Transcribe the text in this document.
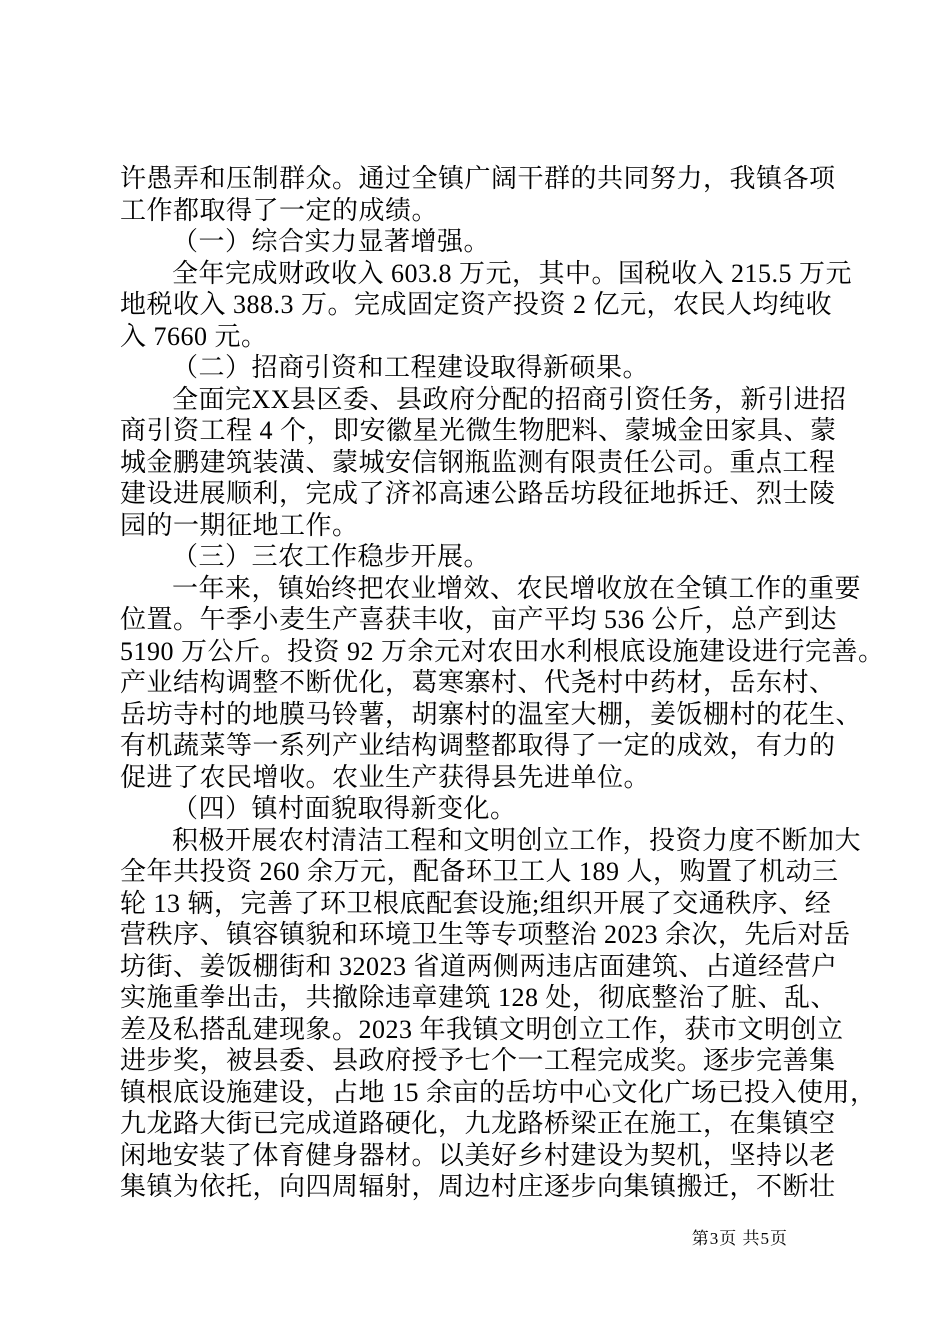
许愚弄和压制群众。通过全镇广阔干群的共同努力，我镇各项
工作都取得了一定的成绩。
（一）综合实力显著增强。
全年完成财政收入 603.8 万元，其中。国税收入 215.5 万元
地税收入 388.3 万。完成固定资产投资 2 亿元，农民人均纯收
入 7660 元。
（二）招商引资和工程建设取得新硕果。
全面完XX县区委、县政府分配的招商引资任务，新引进招
商引资工程 4 个，即安徽星光微生物肥料、蒙城金田家具、蒙
城金鹏建筑装潢、蒙城安信钢瓶监测有限责任公司。重点工程
建设进展顺利，完成了济祁高速公路岳坊段征地拆迁、烈士陵
园的一期征地工作。
（三）三农工作稳步开展。
一年来，镇始终把农业增效、农民增收放在全镇工作的重要
位置。午季小麦生产喜获丰收，亩产平均 536 公斤，总产到达
5190 万公斤。投资 92 万余元对农田水利根底设施建设进行完善。
产业结构调整不断优化，葛寒寨村、代尧村中药材，岳东村、
岳坊寺村的地膜马铃薯，胡寨村的温室大棚，姜饭棚村的花生、
有机蔬菜等一系列产业结构调整都取得了一定的成效，有力的
促进了农民增收。农业生产获得县先进单位。
（四）镇村面貌取得新变化。
积极开展农村清洁工程和文明创立工作，投资力度不断加大
全年共投资 260 余万元，配备环卫工人 189 人，购置了机动三
轮 13 辆，完善了环卫根底配套设施;组织开展了交通秩序、经
营秩序、镇容镇貌和环境卫生等专项整治 2023 余次，先后对岳
坊街、姜饭棚街和 32023 省道两侧两违店面建筑、占道经营户
实施重拳出击，共撤除违章建筑 128 处，彻底整治了脏、乱、
差及私搭乱建现象。2023 年我镇文明创立工作，获市文明创立
进步奖，被县委、县政府授予七个一工程完成奖。逐步完善集
镇根底设施建设，占地 15 余亩的岳坊中心文化广场已投入使用，
九龙路大街已完成道路硬化，九龙路桥梁正在施工，在集镇空
闲地安装了体育健身器材。以美好乡村建设为契机，坚持以老
集镇为依托，向四周辐射，周边村庄逐步向集镇搬迁，不断壮
第3页 共5页
